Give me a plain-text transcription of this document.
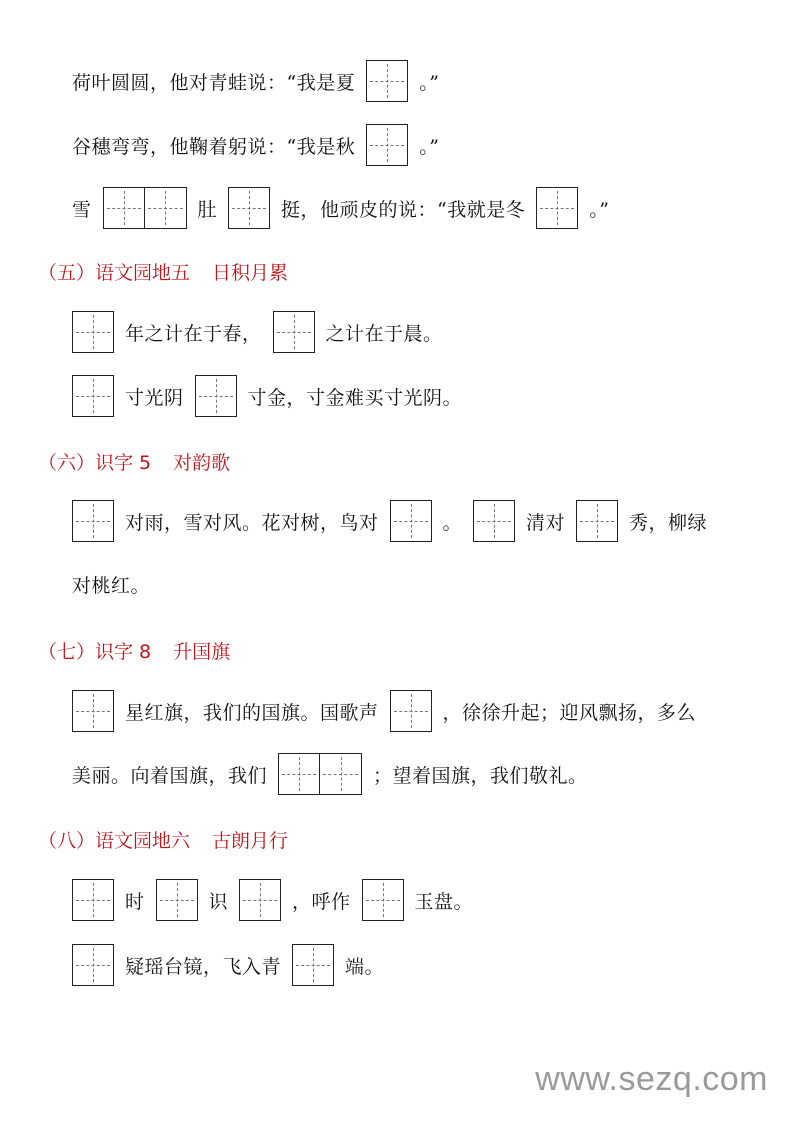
荷叶圆圆，他对青蛙说：“我是夏	。”
谷穗弯弯，他鞠着躬说：“我是秋	。”
雪	肚	挺，他顽皮的说：“我就是冬	。”
（五）语文园地五 日积月累
年之计在于春，	之计在于晨。
寸光阴	寸金，寸金难买寸光阴。
（六）识字 5 对韵歌
对雨，雪对风。花对树，鸟对	。	清对	秀，柳绿
对桃红。
（七）识字 8 升国旗
星红旗，我们的国旗。国歌声	，徐徐升起；迎风飘扬，多么
美丽。向着国旗，我们	；望着国旗，我们敬礼。
（八）语文园地六 古朗月行
时	识	，呼作	玉盘。
疑瑶台镜，飞入青	端。
www.sezq.com
